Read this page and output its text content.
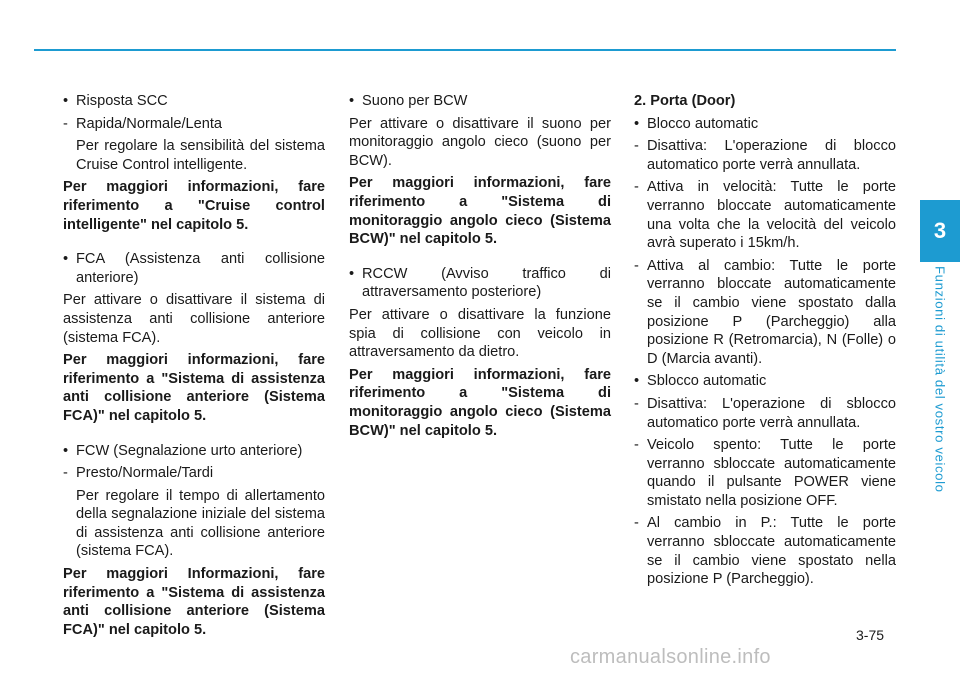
3
Funzioni di utilità del vostro veicolo

• Risposta SCC

- Rapida/Normale/Lenta

Per regolare la sensibilità del sistema Cruise Control intelligente.

Per maggiori informazioni, fare riferimento a "Cruise control intelligente" nel capitolo 5.

• FCA (Assistenza anti collisione anteriore)

Per attivare o disattivare il sistema di assistenza anti collisione anteriore (sistema FCA).

Per maggiori informazioni, fare riferimento a "Sistema di assistenza anti collisione anteriore (Sistema FCA)" nel capitolo 5.

• FCW (Segnalazione urto anteriore)

- Presto/Normale/Tardi

Per regolare il tempo di allertamento della segnalazione iniziale del sistema di assistenza anti collisione anteriore (sistema FCA).

Per maggiori Informazioni, fare riferimento a "Sistema di assistenza anti collisione anteriore (Sistema FCA)" nel capitolo 5.

• Suono per BCW

Per attivare o disattivare il suono per monitoraggio angolo cieco (suono per BCW).

Per maggiori informazioni, fare riferimento a "Sistema di monitoraggio angolo cieco (Sistema BCW)" nel capitolo 5.

• RCCW (Avviso traffico di attraversamento posteriore)

Per attivare o disattivare la funzione spia di collisione con veicolo in attraversamento da dietro.

Per maggiori informazioni, fare riferimento a "Sistema di monitoraggio angolo cieco (Sistema BCW)" nel capitolo 5.

2. Porta (Door)

• Blocco automatic

- Disattiva: L'operazione di blocco automatico porte verrà annullata.

- Attiva in velocità: Tutte le porte verranno bloccate automaticamente una volta che la velocità del veicolo avrà superato i 15km/h.

- Attiva al cambio: Tutte le porte verranno bloccate automaticamente se il cambio viene spostato dalla posizione P (Parcheggio) alla posizione R (Retromarcia), N (Folle) o D (Marcia avanti).

• Sblocco automatic

- Disattiva: L'operazione di sblocco automatico porte verrà annullata.

- Veicolo spento: Tutte le porte verranno sbloccate automaticamente quando il pulsante POWER viene smistato nella posizione OFF.

- Al cambio in P.: Tutte le porte verranno sbloccate automaticamente se il cambio viene spostato nella posizione P (Parcheggio).

3-75
carmanualsonline.info
